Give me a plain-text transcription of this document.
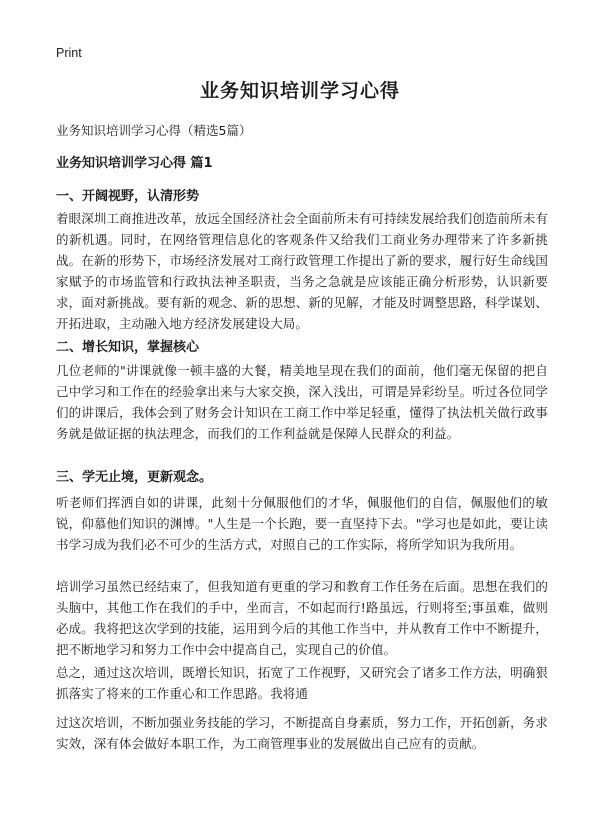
Print
业务知识培训学习心得

业务知识培训学习心得（精选5篇）

业务知识培训学习心得 篇1

一、开阔视野，认清形势

着眼深圳工商推进改革，放远全国经济社会全面前所未有可持续发展给我们创造前所未有的新机遇。同时，在网络管理信息化的客观条件又给我们工商业务办理带来了许多新挑战。在新的形势下，市场经济发展对工商行政管理工作提出了新的要求，履行好生命线国家赋予的市场监管和行政执法神圣职责，当务之急就是应该能正确分析形势，认识新要求，面对新挑战。要有新的观念、新的思想、新的见解，才能及时调整思路，科学谋划、开拓进取，主动融入地方经济发展建设大局。

二、增长知识，掌握核心

几位老师的"讲课就像一顿丰盛的大餐，精美地呈现在我们的面前，他们毫无保留的把自己中学习和工作在的经验拿出来与大家交换，深入浅出，可谓是异彩纷呈。听过各位同学们的讲课后，我体会到了财务会计知识在工商工作中举足轻重，懂得了执法机关做行政事务就是做证据的执法理念，而我们的工作利益就是保障人民群众的利益。

三、学无止境，更新观念。

听老师们挥洒自如的讲课，此刻十分佩服他们的才华，佩服他们的自信，佩服他们的敏锐，仰慕他们知识的渊博。"人生是一个长跑，要一直坚持下去。"学习也是如此，要让读书学习成为我们必不可少的生活方式，对照自己的工作实际，将所学知识为我所用。

培训学习虽然已经结束了，但我知道有更重的学习和教育工作任务在后面。思想在我们的头脑中，其他工作在我们的手中，坐而言，不如起而行!路虽远，行则将至;事虽难，做则必成。我将把这次学到的技能，运用到今后的其他工作当中，并从教育工作中不断提升，把不断地学习和努力工作中会中提高自己，实现自己的价值。

总之，通过这次培训，既增长知识，拓宽了工作视野，又研究会了诸多工作方法，明确狠抓落实了将来的工作重心和工作思路。我将通

过这次培训，不断加强业务技能的学习，不断提高自身素质，努力工作，开拓创新，务求实效，深有体会做好本职工作，为工商管理事业的发展做出自己应有的贡献。
